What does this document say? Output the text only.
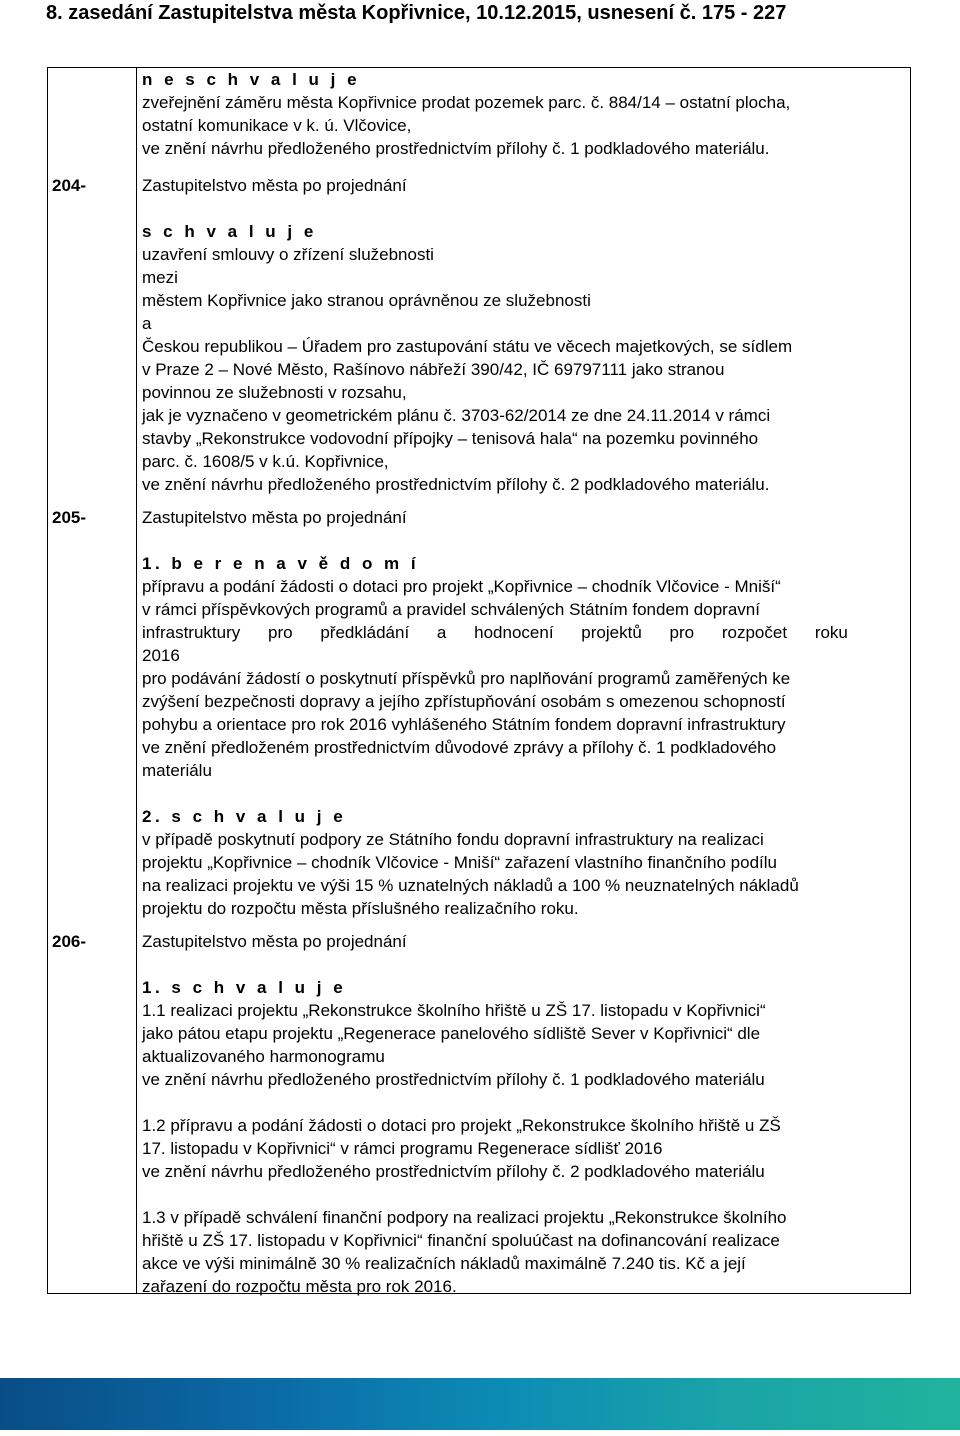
8. zasedání Zastupitelstva města Kopřivnice, 10.12.2015, usnesení č. 175 - 227
n e s c h v a l u j e
zveřejnění záměru města Kopřivnice prodat pozemek parc. č. 884/14 – ostatní plocha,
ostatní komunikace v k. ú. Vlčovice,
ve znění návrhu předloženého prostřednictvím přílohy č. 1 podkladového materiálu.
204-	Zastupitelstvo města po projednání
s c h v a l u j e
uzavření smlouvy o zřízení služebnosti
mezi
městem Kopřivnice jako stranou oprávněnou ze služebnosti
a
Českou republikou – Úřadem pro zastupování státu ve věcech majetkových, se sídlem
v Praze 2 – Nové Město, Rašínovo nábřeží 390/42, IČ 69797111 jako stranou
povinnou ze služebnosti v rozsahu,
jak je vyznačeno v geometrickém plánu č. 3703-62/2014 ze dne 24.11.2014 v rámci
stavby „Rekonstrukce vodovodní přípojky – tenisová hala“ na pozemku povinného
parc. č. 1608/5 v k.ú. Kopřivnice,
ve znění návrhu předloženého prostřednictvím přílohy č. 2 podkladového materiálu.
205-	Zastupitelstvo města po projednání
1. b e r e n a v ě d o m í
přípravu a podání žádosti o dotaci pro projekt „Kopřivnice – chodník Vlčovice - Mniší“
v rámci příspěvkových programů a pravidel schválených Státním fondem dopravní
infrastruktury pro předkládání a hodnocení projektů pro rozpočet roku
2016
pro podávání žádostí o poskytnutí příspěvků pro naplňování programů zaměřených ke
zvýšení bezpečnosti dopravy a jejího zpřístupňování osobám s omezenou schopností
pohybu a orientace pro rok 2016 vyhlášeného Státním fondem dopravní infrastruktury
ve znění předloženém prostřednictvím důvodové zprávy a přílohy č. 1 podkladového
materiálu
2. s c h v a l u j e
v případě poskytnutí podpory ze Státního fondu dopravní infrastruktury na realizaci
projektu „Kopřivnice – chodník Vlčovice - Mniší“ zařazení vlastního finančního podílu
na realizaci projektu ve výši 15 % uznatelných nákladů a 100 % neuznatelných nákladů
projektu do rozpočtu města příslušného realizačního roku.
206-	Zastupitelstvo města po projednání
1. s c h v a l u j e
1.1 realizaci projektu „Rekonstrukce školního hřiště u ZŠ 17. listopadu v Kopřivnici“
jako pátou etapu projektu „Regenerace panelového sídliště Sever v Kopřivnici“ dle
aktualizovaného harmonogramu
ve znění návrhu předloženého prostřednictvím přílohy č. 1 podkladového materiálu
1.2 přípravu a podání žádosti o dotaci pro projekt „Rekonstrukce školního hřiště u ZŠ
17. listopadu v Kopřivnici“ v rámci programu Regenerace sídlišť 2016
ve znění návrhu předloženého prostřednictvím přílohy č. 2 podkladového materiálu
1.3 v případě schválení finanční podpory na realizaci projektu „Rekonstrukce školního
hřiště u ZŠ 17. listopadu v Kopřivnici“ finanční spoluúčast na dofinancování realizace
akce ve výši minimálně 30 % realizačních nákladů maximálně 7.240 tis. Kč a její
zařazení do rozpočtu města pro rok 2016.
